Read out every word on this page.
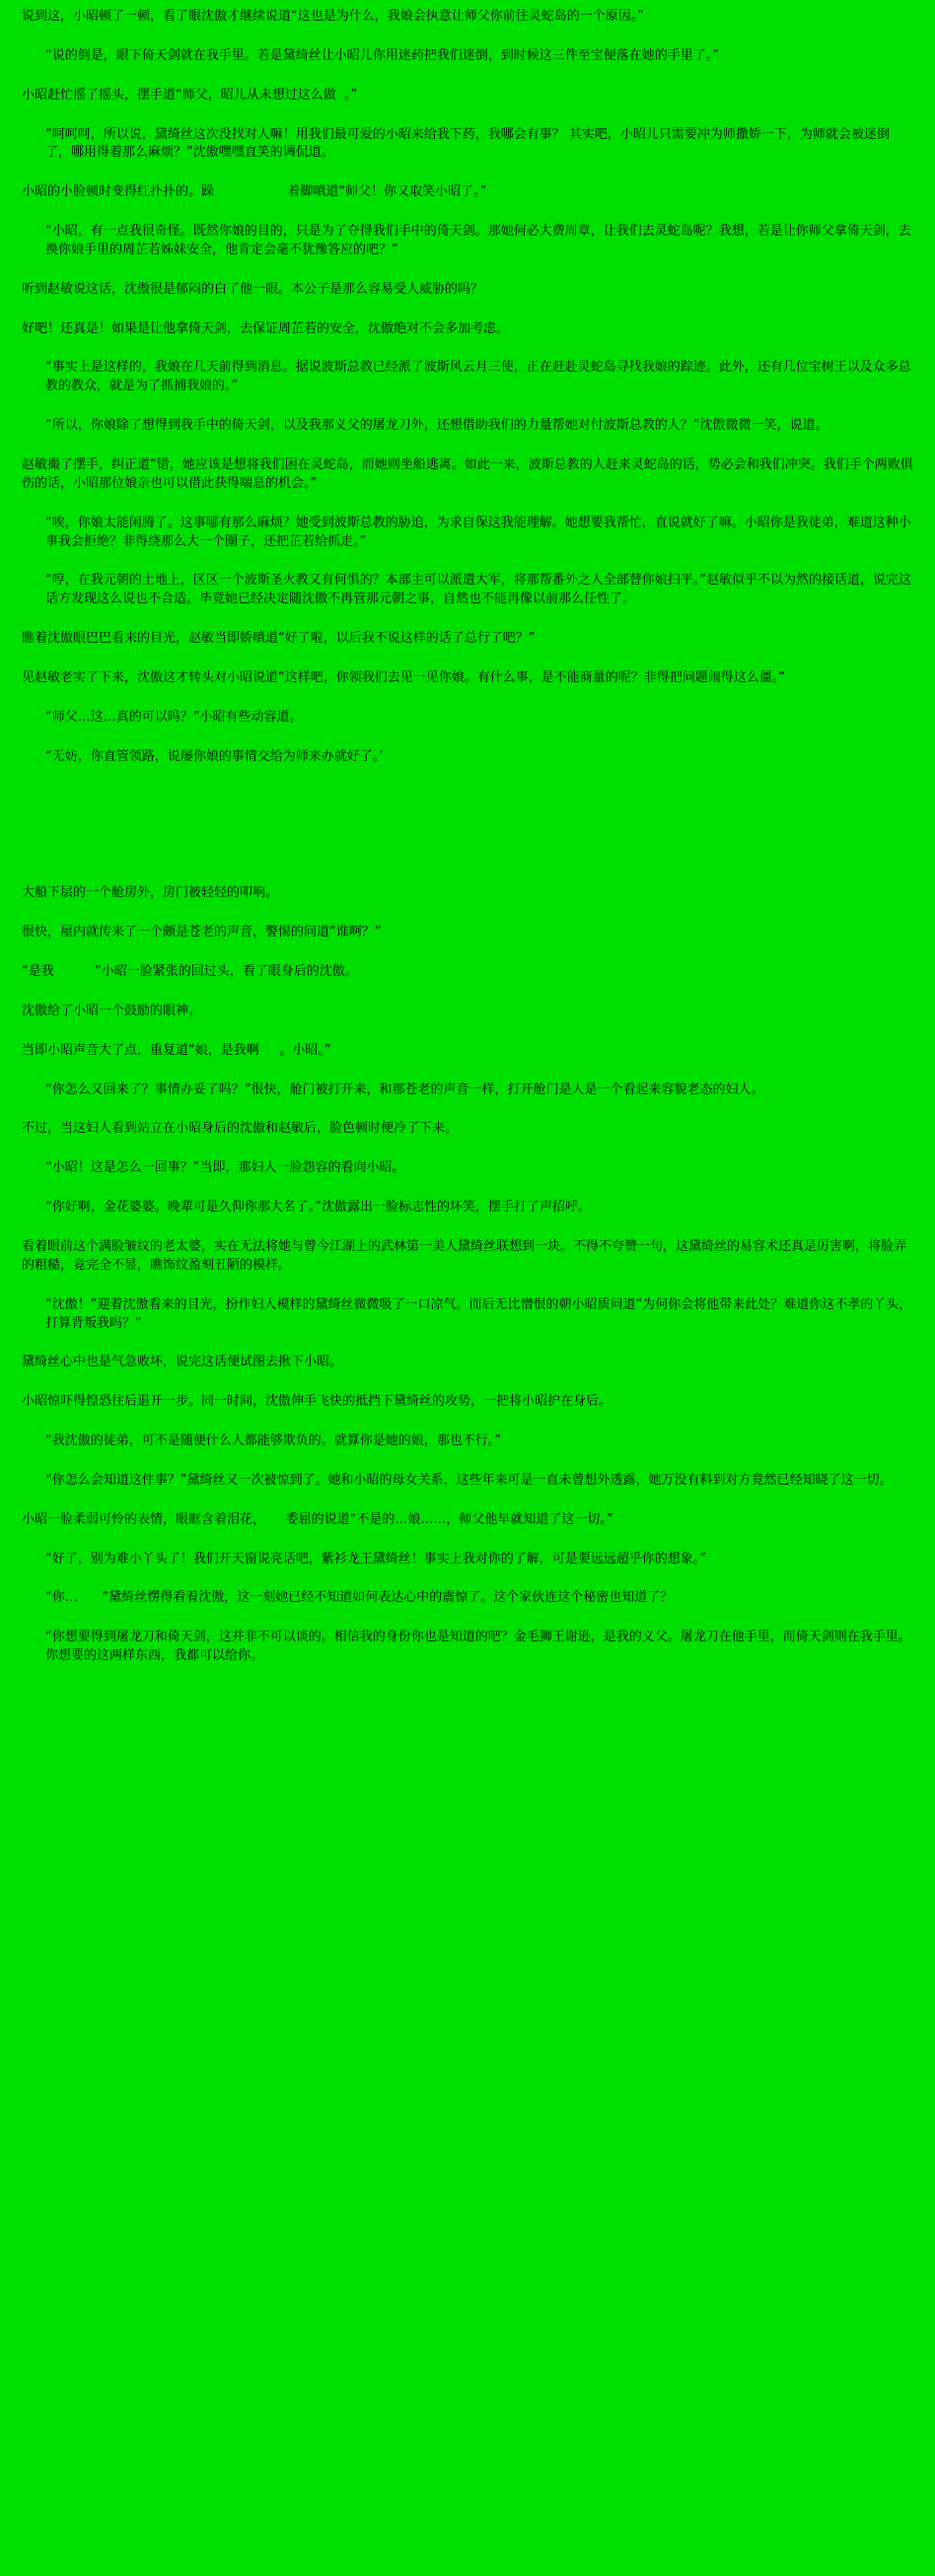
说到这，小昭顿了一顿，看了眼沈傲才继续说道“这也是为什么，我娘会执意让师父你前往灵蛇岛的一个原因。”

“说的倒是，眼下倚天剑就在我手里。若是黛绮丝让小昭儿你用迷药把我们迷倒，到时候这三件至宝便落在她的手里了。”

小昭赶忙摇了摇头，摆手道“师父，昭儿从未想过这么做  。”

“呵呵呵，所以说，黛绮丝这次没找对人嘛！用我们最可爱的小昭来给我下药，我哪会有事？ 其实吧，小昭儿只需要冲为师撒娇一下，为师就会被迷倒了，哪用得着那么麻烦？”沈傲嘿嘿直笑的调侃道。

小昭的小脸顿时变得红扑扑的。跺                  着脚嗔道“师父！你又取笑小昭了。”

“小昭，有一点我很奇怪。既然你娘的目的，只是为了夺得我们手中的倚天剑。那她何必大费周章，让我们去灵蛇岛呢？我想，若是让你师父拿倚天剑，去换你娘手里的周芷若姊妹安全，他肯定会毫不犹豫答应的吧？”

听到赵敏说这话，沈傲很是郁闷的白了他一眼。本公子是那么容易受人威胁的吗？

好吧！还真是！如果是让他拿倚天剑，去保证周芷若的安全，沈傲绝对不会多加考虑。

“事实上是这样的，我娘在几天前得到消息。据说波斯总教已经派了波斯风云月三使，正在赶赴灵蛇岛寻找我娘的踪迹。此外，还有几位宝树王以及众多总教的教众，就是为了抓捕我娘的。”

“所以，你娘除了想得到我手中的倚天剑，以及我那义父的屠龙刀外，还想借助我们的力量帮她对付波斯总教的人？”沈傲微微一笑，说道。

赵敏撮了摆手，纠正道“错，她应该是想将我们困在灵蛇岛，而她则坐船逃离。如此一来，波斯总教的人赶来灵蛇岛的话，势必会和我们冲突。我们手个两败俱伤的话，小昭那位娘亲也可以借此获得喘息的机会。”

“唉，你娘太能闲腾了。这事哪有那么麻烦？她受到波斯总教的胁迫，为求自保这我能理解。她想要我帮忙，直说就好了嘛。小昭你是我徒弟，难道这种小事我会拒绝？非得绕那么大一个圈子，还把芷若给抓走。”

“哼，在我元朝的土地上，区区一个波斯圣火教又有何惧的？本部主可以派遣大军，将那帮番外之人全部替你娘扫平。”赵敏似乎不以为然的接话道，说完这话方发现这么说也不合适。毕竟她已经决定随沈傲不再管那元朝之事，自然也不能再像以前那么任性了。

瞧着沈傲眼巴巴看来的目光，赵敏当即娇嗔道“好了啦，以后我不说这样的话了总行了吧？”

见赵敏老实了下来，沈傲这才转头对小昭说道“这样吧，你领我们去见一见你娘。有什么事，是不能商量的呢？非得把问题闹得这么僵。”

“师父…这…真的可以吗？”小昭有些动容道。

“无妨，你直管领路，说屡你娘的事情交给为师来办就好了。’

大船下层的一个舱房外，房门被轻轻的叩响。

很快，屋内就传来了一个颇是苍老的声音，警惕的问道“谁啊？”

“是我          ”小昭一脸紧张的回过头，看了眼身后的沈傲。

沈傲给了小昭一个鼓励的眼神。

当即小昭声音大了点，重复道“娘，是我啊     。小昭。”

“你怎么又回来了？事情办妥了吗？”很快，舱门被打开来，和那苍老的声音一样，打开舱门是人是一个看起来容貌老态的妇人。

不过，当这妇人看到站立在小昭身后的沈傲和赵敏后，脸色顿时便冷了下来。

“小昭！这是怎么一回事？”当即，那妇人一脸怨容的看向小昭。

“你好啊，金花婆婆。晚辈可是久仰你那大名了。”沈傲露出一脸标志性的坏笑，摆手打了声招呼。

看着眼前这个满脸皱纹的老太婆，实在无法将她与曾今江湖上的武林第一美人黛绮丝联想到一块。不得不夸赞一句，这黛绮丝的易容术还真是厉害啊，将脸弄的粗糙，竟完全不显，瞧饰纹盈刻丑陋的模样。

“沈傲！”迎着沈傲看来的目光，扮作妇人模样的黛绮丝微微吸了一口凉气。而后无比憎恨的朝小昭质问道“为何你会将他带来此处？难道你这不孝的丫头，打算背叛我吗？”

黛绮丝心中也是气急败坏，说完这话便试图去揪下小昭。

小昭惊吓得惶恐往后退开一步。同一时间，沈傲伸手飞快的抵挡下黛绮丝的攻势，一把将小昭护在身后。

“我沈傲的徒弟，可不是随便什么人都能够欺负的。就算你是她的娘，那也不行。”

“你怎么会知道这件事？”黛绮丝又一次被惊到了。她和小昭的母女关系，这些年来可是一直未曾想外透露，她万没有料到对方竟然已经知晓了这一切。

小昭一脸柔弱可怜的表情，眼眶含着泪花，     委屈的说道“不是的…娘……，师父他早就知道了这一切。”

“好了，别为难小丫头了！我们开天窗说亮话吧，紫衫龙王黛绮丝！事实上我对你的了解，可是要远远超乎你的想象。”

“你…      ”黛绮丝愣得看着沈傲，这一刻她已经不知道如何表达心中的震惊了。这个家伙连这个秘密也知道了？

“你想要得到屠龙刀和倚天剑，这并非不可以谈的。相信我的身份你也是知道的吧？金毛狮王谢逊，是我的义父。屠龙刀在他手里，而倚天剑则在我手里。你想要的这两样东西，我都可以给你。
